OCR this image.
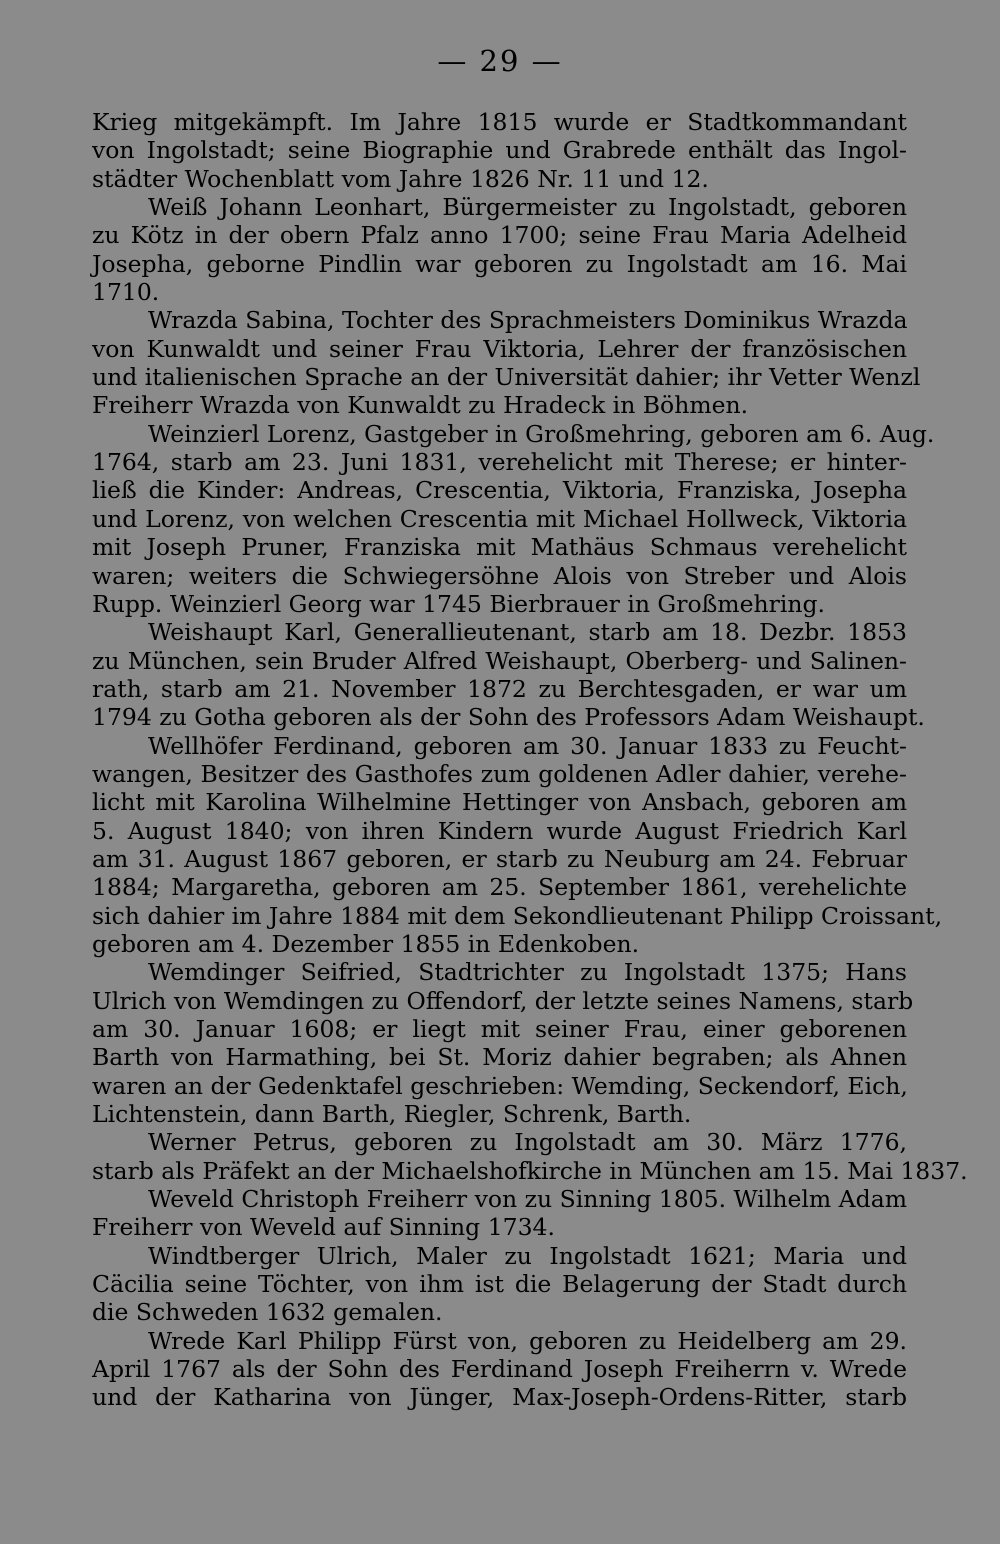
— 29 —
Krieg mitgekämpft. Im Jahre 1815 wurde er Stadtkommandant
von Ingolstadt; seine Biographie und Grabrede enthält das Ingol-
städter Wochenblatt vom Jahre 1826 Nr. 11 und 12.
Weiß Johann Leonhart, Bürgermeister zu Ingolstadt, geboren
zu Kötz in der obern Pfalz anno 1700; seine Frau Maria Adelheid
Josepha, geborne Pindlin war geboren zu Ingolstadt am 16. Mai
1710.
Wrazda Sabina, Tochter des Sprachmeisters Dominikus Wrazda
von Kunwaldt und seiner Frau Viktoria, Lehrer der französischen
und italienischen Sprache an der Universität dahier; ihr Vetter Wenzl
Freiherr Wrazda von Kunwaldt zu Hradeck in Böhmen.
Weinzierl Lorenz, Gastgeber in Großmehring, geboren am 6. Aug.
1764, starb am 23. Juni 1831, verehelicht mit Therese; er hinter-
ließ die Kinder: Andreas, Crescentia, Viktoria, Franziska, Josepha
und Lorenz, von welchen Crescentia mit Michael Hollweck, Viktoria
mit Joseph Pruner, Franziska mit Mathäus Schmaus verehelicht
waren; weiters die Schwiegersöhne Alois von Streber und Alois
Rupp. Weinzierl Georg war 1745 Bierbrauer in Großmehring.
Weishaupt Karl, Generallieutenant, starb am 18. Dezbr. 1853
zu München, sein Bruder Alfred Weishaupt, Oberberg- und Salinen-
rath, starb am 21. November 1872 zu Berchtesgaden, er war um
1794 zu Gotha geboren als der Sohn des Professors Adam Weishaupt.
Wellhöfer Ferdinand, geboren am 30. Januar 1833 zu Feucht-
wangen, Besitzer des Gasthofes zum goldenen Adler dahier, verehe-
licht mit Karolina Wilhelmine Hettinger von Ansbach, geboren am
5. August 1840; von ihren Kindern wurde August Friedrich Karl
am 31. August 1867 geboren, er starb zu Neuburg am 24. Februar
1884; Margaretha, geboren am 25. September 1861, verehelichte
sich dahier im Jahre 1884 mit dem Sekondlieutenant Philipp Croissant,
geboren am 4. Dezember 1855 in Edenkoben.
Wemdinger Seifried, Stadtrichter zu Ingolstadt 1375; Hans
Ulrich von Wemdingen zu Offendorf, der letzte seines Namens, starb
am 30. Januar 1608; er liegt mit seiner Frau, einer geborenen
Barth von Harmathing, bei St. Moriz dahier begraben; als Ahnen
waren an der Gedenktafel geschrieben: Wemding, Seckendorf, Eich,
Lichtenstein, dann Barth, Riegler, Schrenk, Barth.
Werner Petrus, geboren zu Ingolstadt am 30. März 1776,
starb als Präfekt an der Michaelshofkirche in München am 15. Mai 1837.
Weveld Christoph Freiherr von zu Sinning 1805. Wilhelm Adam
Freiherr von Weveld auf Sinning 1734.
Windtberger Ulrich, Maler zu Ingolstadt 1621; Maria und
Cäcilia seine Töchter, von ihm ist die Belagerung der Stadt durch
die Schweden 1632 gemalen.
Wrede Karl Philipp Fürst von, geboren zu Heidelberg am 29.
April 1767 als der Sohn des Ferdinand Joseph Freiherrn v. Wrede
und der Katharina von Jünger, Max-Joseph-Ordens-Ritter, starb
